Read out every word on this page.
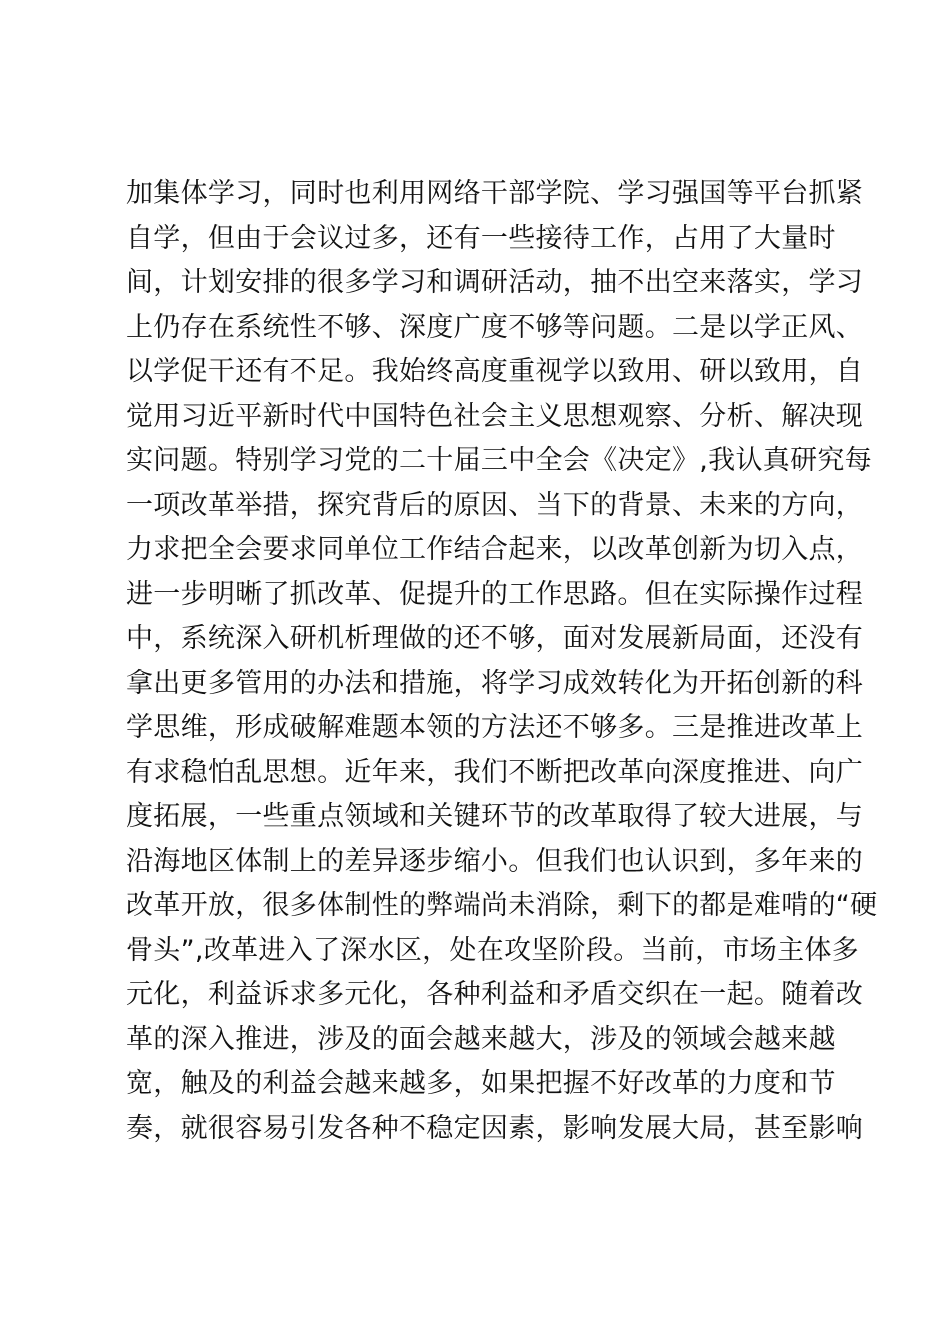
加集体学习，同时也利用网络干部学院、学习强国等平台抓紧
自学，但由于会议过多，还有一些接待工作，占用了大量时
间，计划安排的很多学习和调研活动，抽不出空来落实，学习
上仍存在系统性不够、深度广度不够等问题。二是以学正风、
以学促干还有不足。我始终高度重视学以致用、研以致用，自
觉用习近平新时代中国特色社会主义思想观察、分析、解决现
实问题。特别学习党的二十届三中全会《决定》,我认真研究每
一项改革举措，探究背后的原因、当下的背景、未来的方向，
力求把全会要求同单位工作结合起来，以改革创新为切入点，
进一步明晰了抓改革、促提升的工作思路。但在实际操作过程
中，系统深入研机析理做的还不够，面对发展新局面，还没有
拿出更多管用的办法和措施，将学习成效转化为开拓创新的科
学思维，形成破解难题本领的方法还不够多。三是推进改革上
有求稳怕乱思想。近年来，我们不断把改革向深度推进、向广
度拓展，一些重点领域和关键环节的改革取得了较大进展，与
沿海地区体制上的差异逐步缩小。但我们也认识到，多年来的
改革开放，很多体制性的弊端尚未消除，剩下的都是难啃的“硬
骨头”,改革进入了深水区，处在攻坚阶段。当前，市场主体多
元化，利益诉求多元化，各种利益和矛盾交织在一起。随着改
革的深入推进，涉及的面会越来越大，涉及的领域会越来越
宽，触及的利益会越来越多，如果把握不好改革的力度和节
奏，就很容易引发各种不稳定因素，影响发展大局，甚至影响
